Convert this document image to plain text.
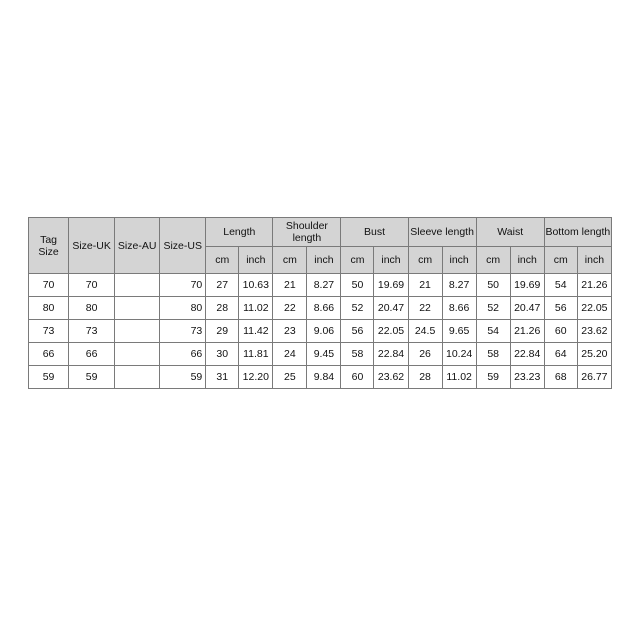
Tag Size	Size-UK	Size-AU	Size-US	Length		Shoulder length		Bust		Sleeve length		Waist		Bottom length	
				cm	inch	cm	inch	cm	inch	cm	inch	cm	inch	cm	inch
70	70		70	27	10.63	21	8.27	50	19.69	21	8.27	50	19.69	54	21.26
80	80		80	28	11.02	22	8.66	52	20.47	22	8.66	52	20.47	56	22.05
73	73		73	29	11.42	23	9.06	56	22.05	24.5	9.65	54	21.26	60	23.62
66	66		66	30	11.81	24	9.45	58	22.84	26	10.24	58	22.84	64	25.20
59	59		59	31	12.20	25	9.84	60	23.62	28	11.02	59	23.23	68	26.77
